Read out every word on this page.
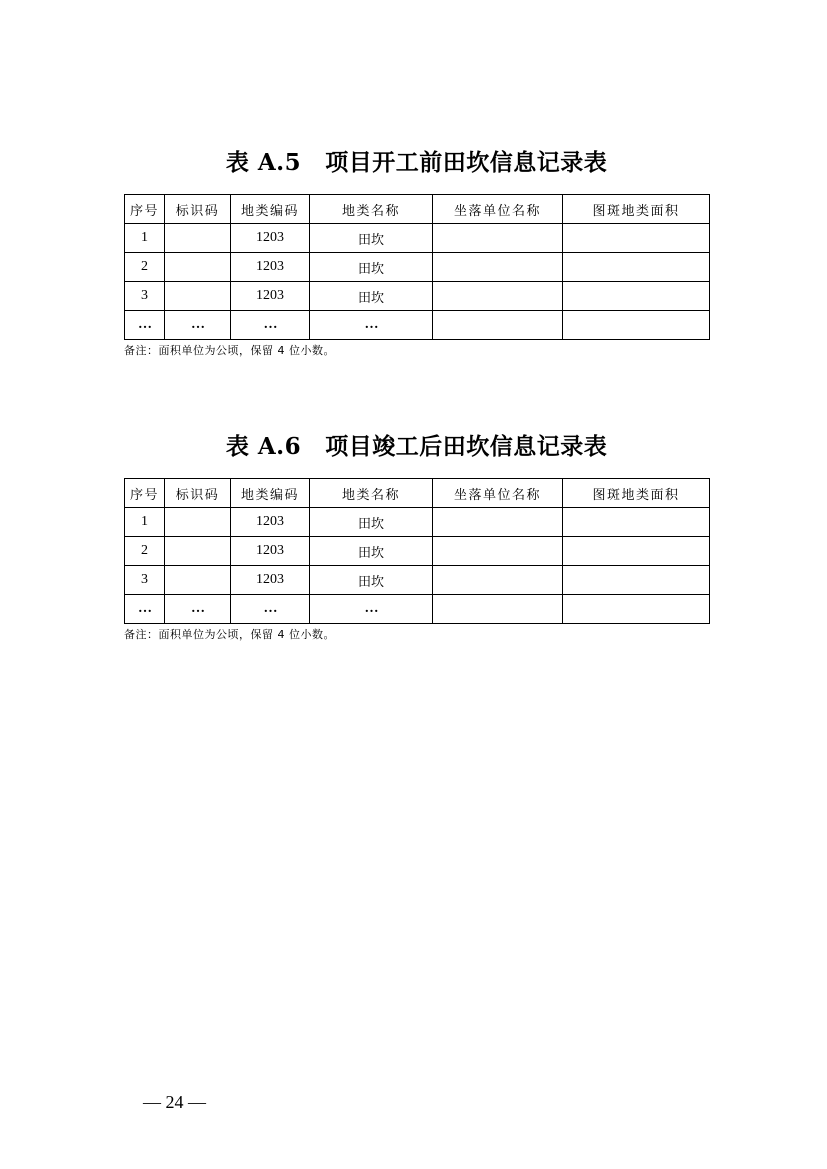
表 A.5 项目开工前田坎信息记录表
序号	标识码	地类编码	地类名称	坐落单位名称	图斑地类面积
1		1203	田坎		
2		1203	田坎		
3		1203	田坎		
…	…	…	…		
备注：面积单位为公顷，保留 4 位小数。
表 A.6 项目竣工后田坎信息记录表
序号	标识码	地类编码	地类名称	坐落单位名称	图斑地类面积
1		1203	田坎		
2		1203	田坎		
3		1203	田坎		
…	…	…	…		
备注：面积单位为公顷，保留 4 位小数。
— 24 —
